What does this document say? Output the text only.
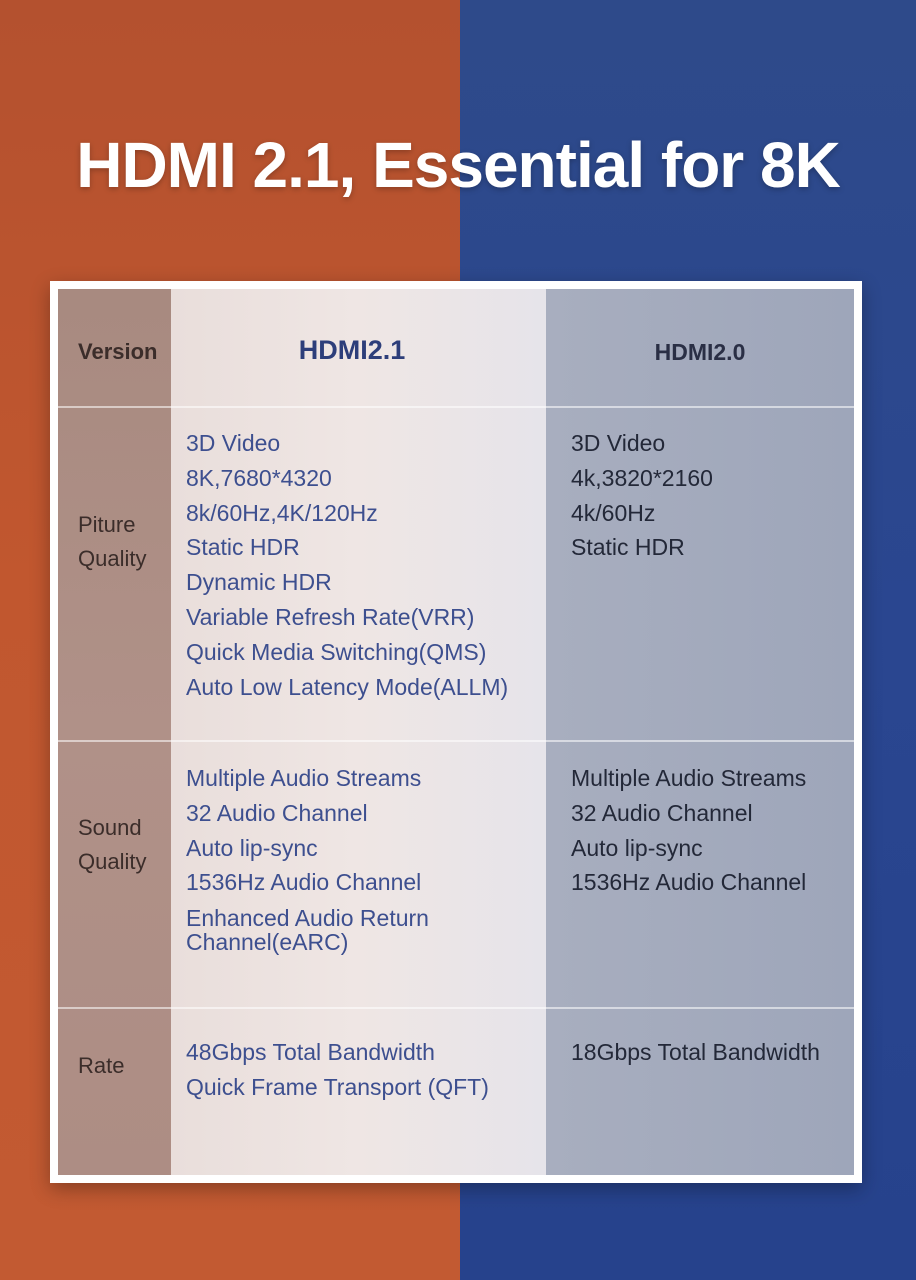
HDMI 2.1, Essential for 8K
Version	HDMI2.1	HDMI2.0
Piture
Quality
3D Video
8K,7680*4320
8k/60Hz,4K/120Hz
Static HDR
Dynamic HDR
Variable Refresh Rate(VRR)
Quick Media Switching(QMS)
Auto Low Latency Mode(ALLM)
3D Video
4k,3820*2160
4k/60Hz
Static HDR
Sound
Quality
Multiple Audio Streams
32 Audio Channel
Auto lip-sync
1536Hz Audio Channel
Enhanced Audio Return
Channel(eARC)
Multiple Audio Streams
32 Audio Channel
Auto lip-sync
1536Hz Audio Channel
Rate
48Gbps Total Bandwidth
Quick Frame Transport (QFT)
18Gbps Total Bandwidth
